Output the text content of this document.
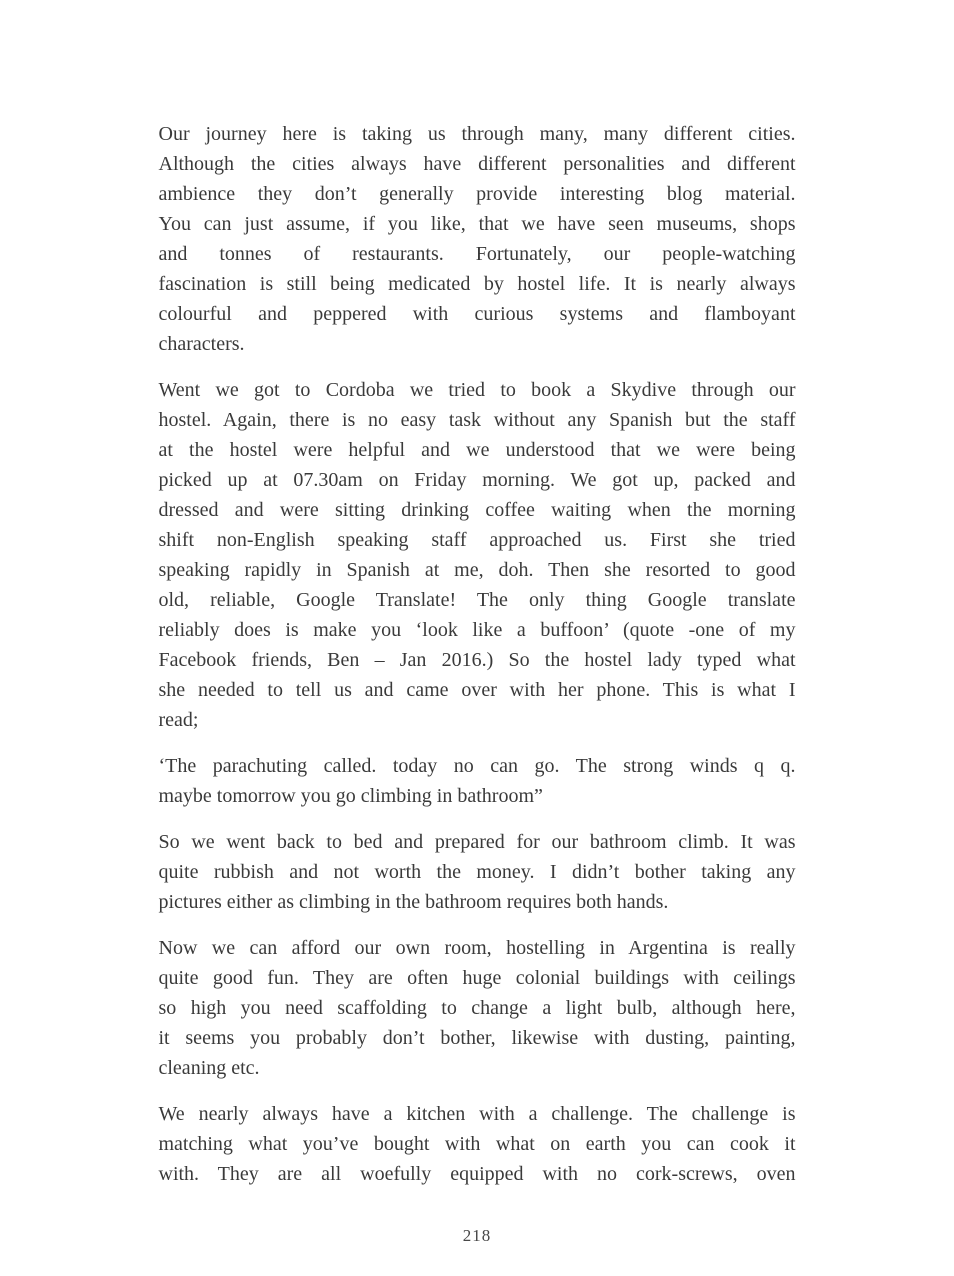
Our journey here is taking us through many, many different cities.
Although the cities always have different personalities and different
ambience they don’t generally provide interesting blog material.
You can just assume, if you like, that we have seen museums, shops
and tonnes of restaurants. Fortunately, our people-watching
fascination is still being medicated by hostel life. It is nearly always
colourful and peppered with curious systems and flamboyant
characters.
Went we got to Cordoba we tried to book a Skydive through our
hostel. Again, there is no easy task without any Spanish but the staff
at the hostel were helpful and we understood that we were being
picked up at 07.30am on Friday morning. We got up, packed and
dressed and were sitting drinking coffee waiting when the morning
shift non-English speaking staff approached us. First she tried
speaking rapidly in Spanish at me, doh. Then she resorted to good
old, reliable, Google Translate! The only thing Google translate
reliably does is make you ‘look like a buffoon’ (quote -one of my
Facebook friends, Ben – Jan 2016.) So the hostel lady typed what
she needed to tell us and came over with her phone. This is what I
read;
‘The parachuting called. today no can go. The strong winds q q.
maybe tomorrow you go climbing in bathroom”
So we went back to bed and prepared for our bathroom climb. It was
quite rubbish and not worth the money. I didn’t bother taking any
pictures either as climbing in the bathroom requires both hands.
Now we can afford our own room, hostelling in Argentina is really
quite good fun. They are often huge colonial buildings with ceilings
so high you need scaffolding to change a light bulb, although here,
it seems you probably don’t bother, likewise with dusting, painting,
cleaning etc.
We nearly always have a kitchen with a challenge. The challenge is
matching what you’ve bought with what on earth you can cook it
with. They are all woefully equipped with no cork-screws, oven
218
